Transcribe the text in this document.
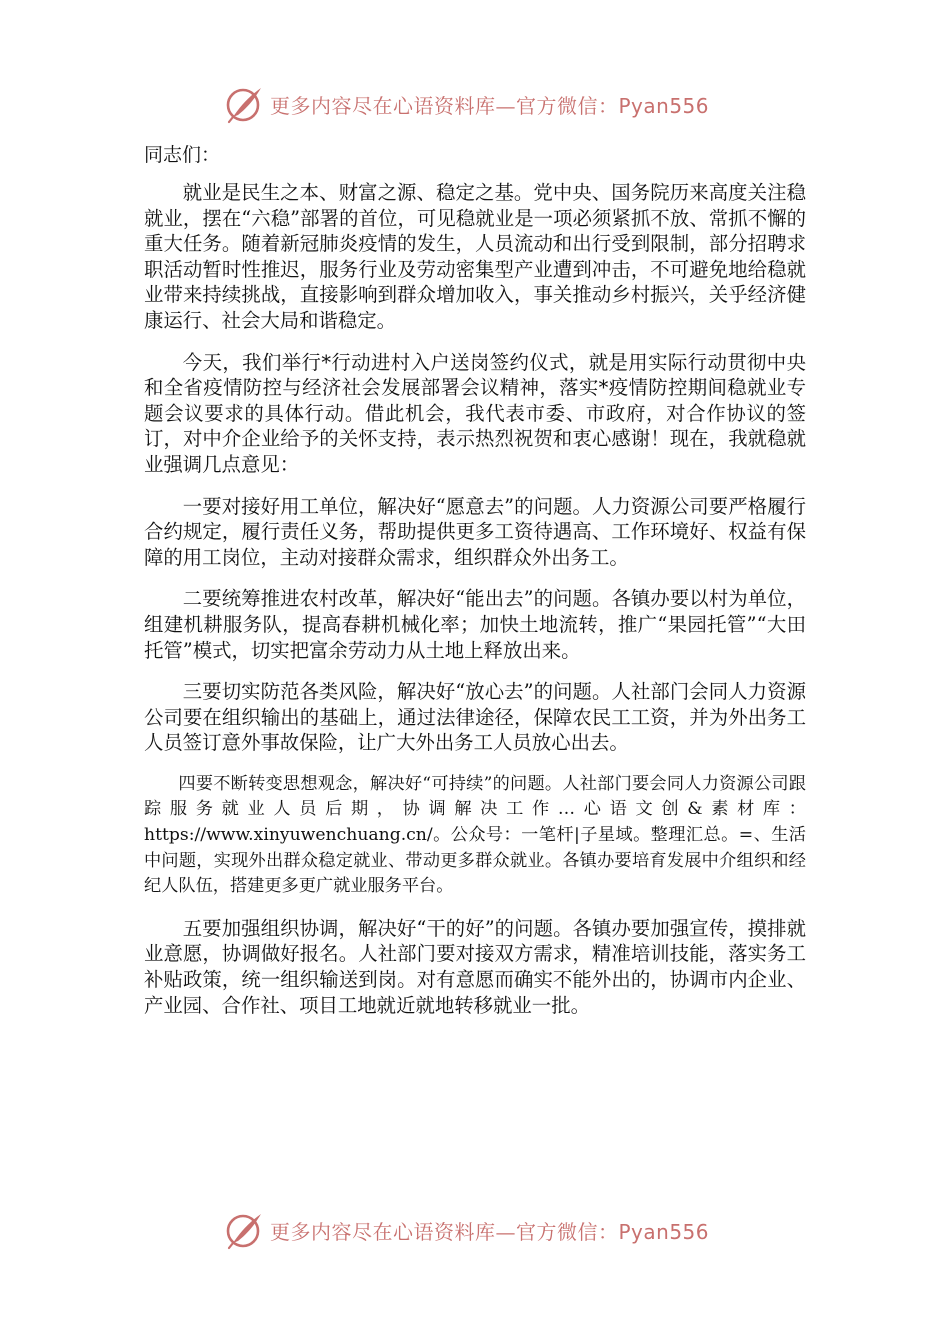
更多内容尽在心语资料库—官方微信：Pyan556
同志们：

就业是民生之本、财富之源、稳定之基。党中央、国务院历来高度关注稳就业，摆在“六稳”部署的首位，可见稳就业是一项必须紧抓不放、常抓不懈的重大任务。随着新冠肺炎疫情的发生，人员流动和出行受到限制，部分招聘求职活动暂时性推迟，服务行业及劳动密集型产业遭到冲击，不可避免地给稳就业带来持续挑战，直接影响到群众增加收入，事关推动乡村振兴，关乎经济健康运行、社会大局和谐稳定。

今天，我们举行*行动进村入户送岗签约仪式，就是用实际行动贯彻中央和全省疫情防控与经济社会发展部署会议精神，落实*疫情防控期间稳就业专题会议要求的具体行动。借此机会，我代表市委、市政府，对合作协议的签订，对中介企业给予的关怀支持，表示热烈祝贺和衷心感谢！现在，我就稳就业强调几点意见：

一要对接好用工单位，解决好“愿意去”的问题。人力资源公司要严格履行合约规定，履行责任义务，帮助提供更多工资待遇高、工作环境好、权益有保障的用工岗位，主动对接群众需求，组织群众外出务工。

二要统筹推进农村改革，解决好“能出去”的问题。各镇办要以村为单位，组建机耕服务队，提高春耕机械化率；加快土地流转，推广“果园托管”“大田托管”模式，切实把富余劳动力从土地上释放出来。

三要切实防范各类风险，解决好“放心去”的问题。人社部门会同人力资源公司要在组织输出的基础上，通过法律途径，保障农民工工资，并为外出务工人员签订意外事故保险，让广大外出务工人员放心出去。

四要不断转变思想观念，解决好“可持续”的问题。人社部门要会同人力资源公司跟踪服务就业人员后期，协调解决工作…心语文创&素材库：https://www.xinyuwenchuang.cn/。公众号：一笔杆|子星域。整理汇总。=、生活中问题，实现外出群众稳定就业、带动更多群众就业。各镇办要培育发展中介组织和经纪人队伍，搭建更多更广就业服务平台。

五要加强组织协调，解决好“干的好”的问题。各镇办要加强宣传，摸排就业意愿，协调做好报名。人社部门要对接双方需求，精准培训技能，落实务工补贴政策，统一组织输送到岗。对有意愿而确实不能外出的，协调市内企业、产业园、合作社、项目工地就近就地转移就业一批。

更多内容尽在心语资料库—官方微信：Pyan556
